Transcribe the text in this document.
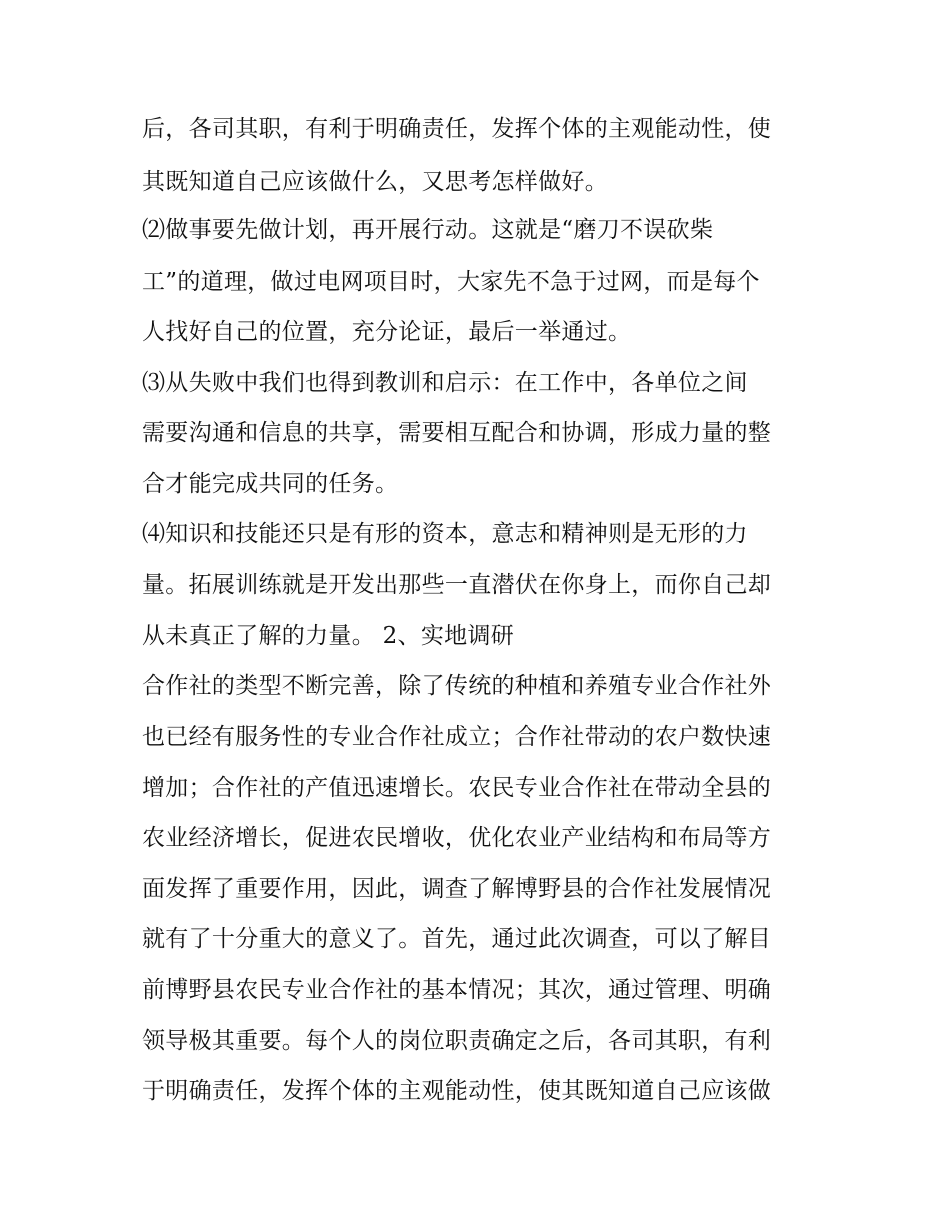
后，各司其职，有利于明确责任，发挥个体的主观能动性，使
其既知道自己应该做什么，又思考怎样做好。
⑵做事要先做计划，再开展行动。这就是“磨刀不误砍柴
工”的道理，做过电网项目时，大家先不急于过网，而是每个
人找好自己的位置，充分论证，最后一举通过。
⑶从失败中我们也得到教训和启示：在工作中，各单位之间
需要沟通和信息的共享，需要相互配合和协调，形成力量的整
合才能完成共同的任务。
⑷知识和技能还只是有形的资本，意志和精神则是无形的力
量。拓展训练就是开发出那些一直潜伏在你身上，而你自己却
从未真正了解的力量。 2、实地调研
合作社的类型不断完善，除了传统的种植和养殖专业合作社外
也已经有服务性的专业合作社成立；合作社带动的农户数快速
增加；合作社的产值迅速增长。农民专业合作社在带动全县的
农业经济增长，促进农民增收，优化农业产业结构和布局等方
面发挥了重要作用，因此，调查了解博野县的合作社发展情况
就有了十分重大的意义了。首先，通过此次调查，可以了解目
前博野县农民专业合作社的基本情况；其次，通过管理、明确
领导极其重要。每个人的岗位职责确定之后，各司其职，有利
于明确责任，发挥个体的主观能动性，使其既知道自己应该做
